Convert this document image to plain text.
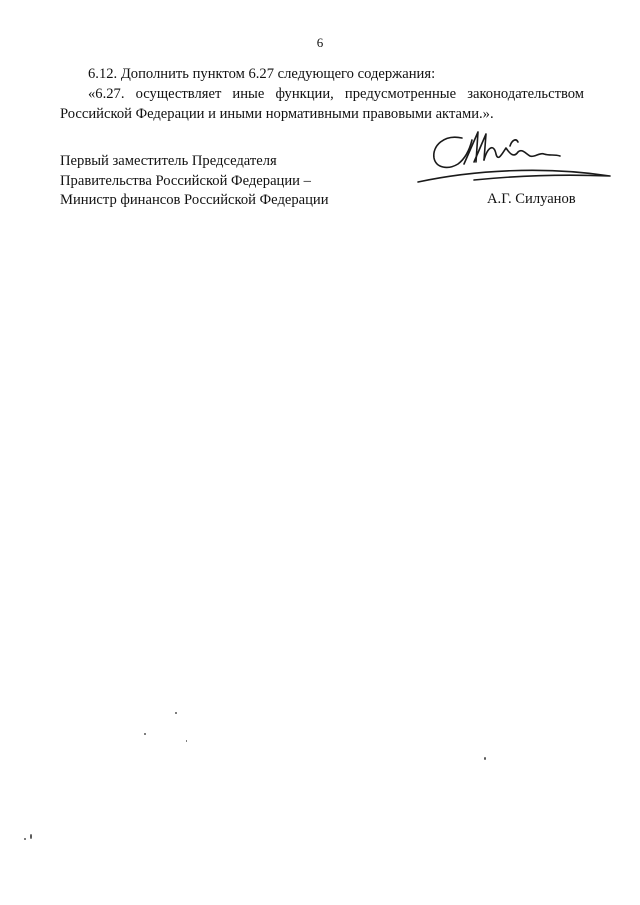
6
6.12. Дополнить пунктом 6.27 следующего содержания:
«6.27. осуществляет иные функции, предусмотренные законодательством Российской Федерации и иными нормативными правовыми актами.».
Первый заместитель Председателя
Правительства Российской Федерации –
Министр финансов Российской Федерации	А.Г. Силуанов
